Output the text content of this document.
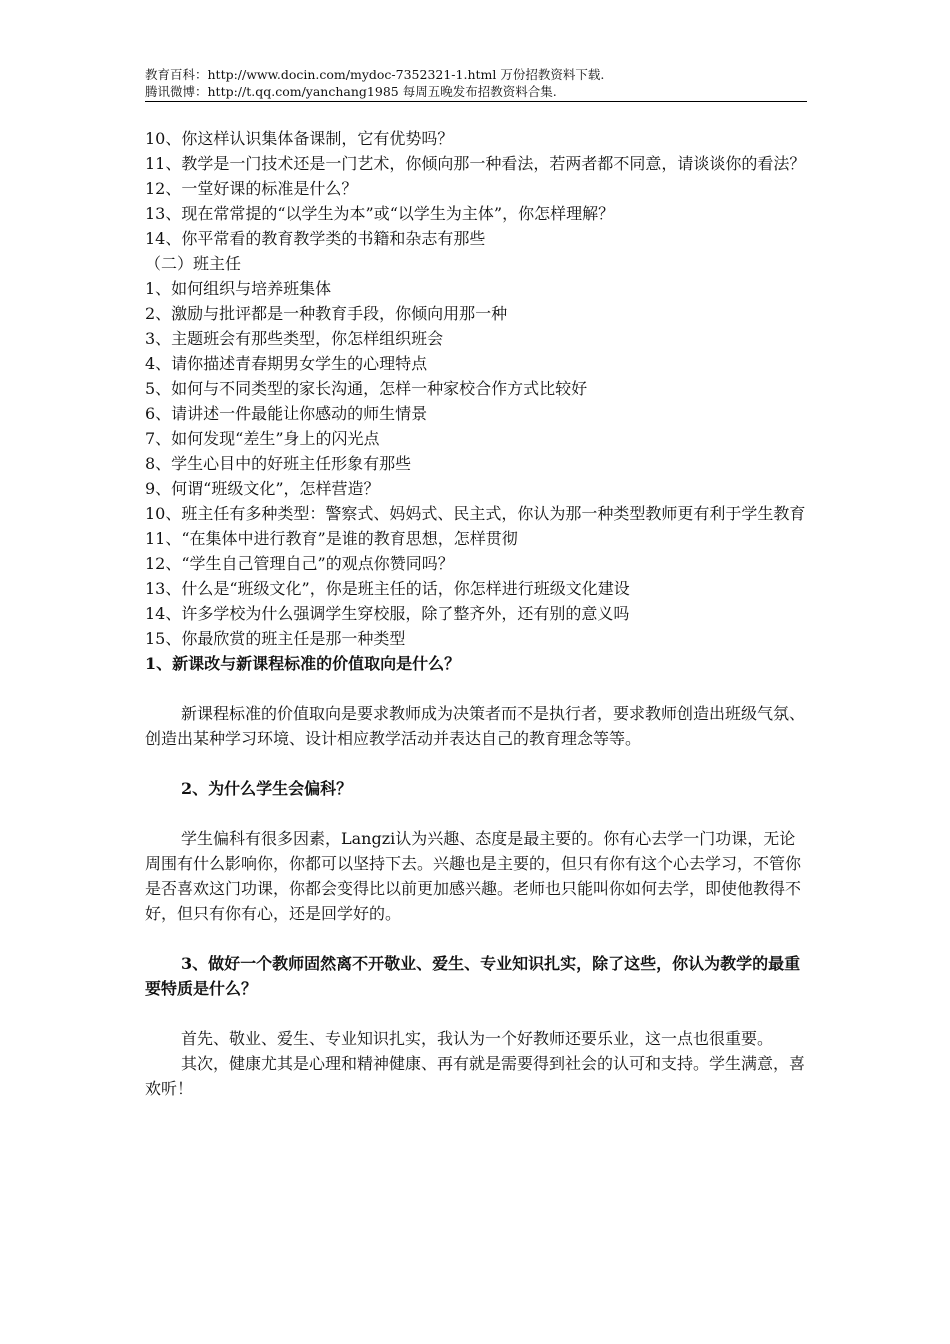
教育百科：http://www.docin.com/mydoc-7352321-1.html 万份招教资料下载.
腾讯微博：http://t.qq.com/yanchang1985 每周五晚发布招教资料合集.
10、你这样认识集体备课制，它有优势吗？
11、教学是一门技术还是一门艺术，你倾向那一种看法，若两者都不同意，请谈谈你的看法？
12、一堂好课的标准是什么？
13、现在常常提的“以学生为本”或“以学生为主体”，你怎样理解？
14、你平常看的教育教学类的书籍和杂志有那些
（二）班主任
1、如何组织与培养班集体
2、激励与批评都是一种教育手段，你倾向用那一种
3、主题班会有那些类型，你怎样组织班会
4、请你描述青春期男女学生的心理特点
5、如何与不同类型的家长沟通，怎样一种家校合作方式比较好
6、请讲述一件最能让你感动的师生情景
7、如何发现“差生”身上的闪光点
8、学生心目中的好班主任形象有那些
9、何谓“班级文化”，怎样营造？
10、班主任有多种类型：警察式、妈妈式、民主式，你认为那一种类型教师更有利于学生教育
11、“在集体中进行教育”是谁的教育思想，怎样贯彻
12、“学生自己管理自己”的观点你赞同吗？
13、什么是“班级文化”，你是班主任的话，你怎样进行班级文化建设
14、许多学校为什么强调学生穿校服，除了整齐外，还有别的意义吗
15、你最欣赏的班主任是那一种类型
1、新课改与新课程标准的价值取向是什么？
新课程标准的价值取向是要求教师成为决策者而不是执行者，要求教师创造出班级气氛、创造出某种学习环境、设计相应教学活动并表达自己的教育理念等等。
2、为什么学生会偏科？
学生偏科有很多因素，Langzi认为兴趣、态度是最主要的。你有心去学一门功课，无论周围有什么影响你，你都可以坚持下去。兴趣也是主要的，但只有你有这个心去学习，不管你是否喜欢这门功课，你都会变得比以前更加感兴趣。老师也只能叫你如何去学，即使他教得不好，但只有你有心，还是回学好的。
3、做好一个教师固然离不开敬业、爱生、专业知识扎实，除了这些，你认为教学的最重要特质是什么？
首先、敬业、爱生、专业知识扎实，我认为一个好教师还要乐业，这一点也很重要。
其次，健康尤其是心理和精神健康、再有就是需要得到社会的认可和支持。学生满意，喜欢听！
